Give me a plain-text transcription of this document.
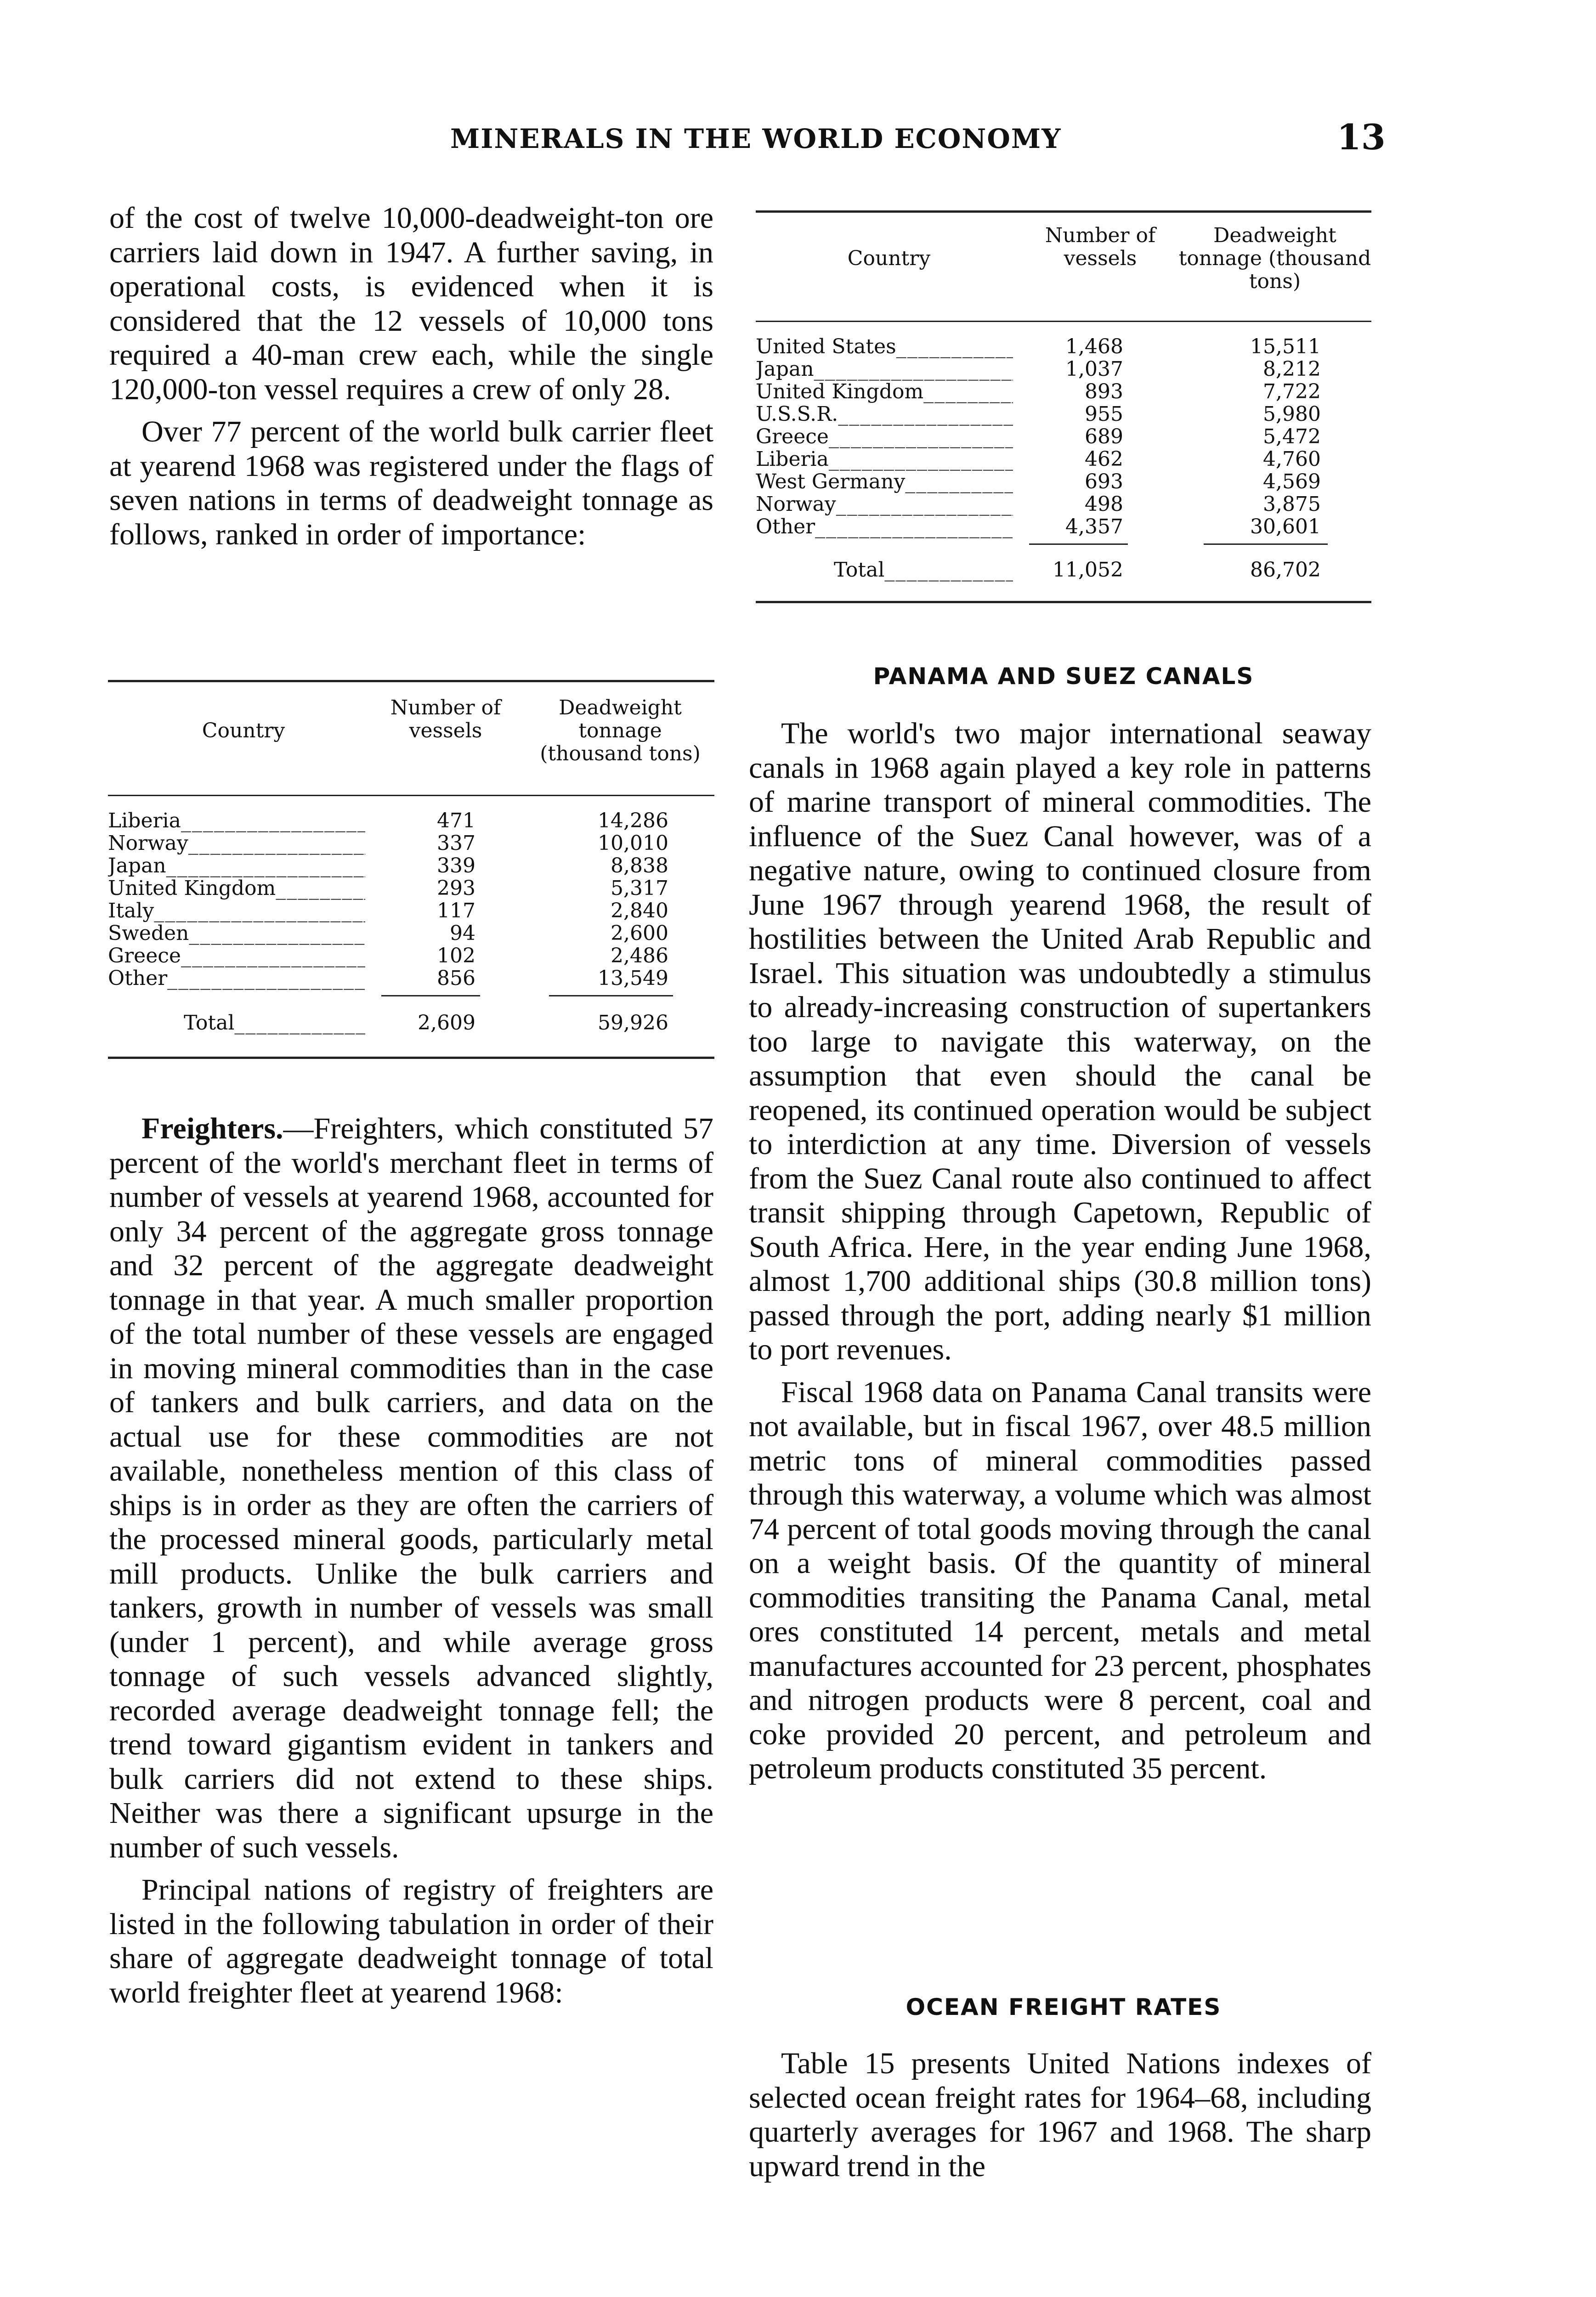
MINERALS IN THE WORLD ECONOMY	13

of the cost of twelve 10,000-deadweight-ton ore carriers laid down in 1947. A further saving, in operational costs, is evidenced when it is considered that the 12 vessels of 10,000 tons required a 40-man crew each, while the single 120,000-ton vessel requires a crew of only 28.

Over 77 percent of the world bulk carrier fleet at yearend 1968 was registered under the flags of seven nations in terms of deadweight tonnage as follows, ranked in order of importance:

Country
Number of vessels
Deadweight tonnage (thousand tons)
Liberia _____	471	14,286
Norway _____	337	10,010
Japan _____	339	8,838
United Kingdom _____	293	5,317
Italy _____	117	2,840
Sweden _____	94	2,600
Greece _____	102	2,486
Other _____	856	13,549
Total _____	2,609	59,926

Freighters.—Freighters, which constituted 57 percent of the world's merchant fleet in terms of number of vessels at yearend 1968, accounted for only 34 percent of the aggregate gross tonnage and 32 percent of the aggregate deadweight tonnage in that year. A much smaller proportion of the total number of these vessels are engaged in moving mineral commodities than in the case of tankers and bulk carriers, and data on the actual use for these commodities are not available, nonetheless mention of this class of ships is in order as they are often the carriers of the processed mineral goods, particularly metal mill products. Unlike the bulk carriers and tankers, growth in number of vessels was small (under 1 percent), and while average gross tonnage of such vessels advanced slightly, recorded average deadweight tonnage fell; the trend toward gigantism evident in tankers and bulk carriers did not extend to these ships. Neither was there a significant upsurge in the number of such vessels.

Principal nations of registry of freighters are listed in the following tabulation in order of their share of aggregate deadweight tonnage of total world freighter fleet at yearend 1968:

Country
Number of vessels
Deadweight tonnage (thousand tons)
United States _____	1,468	15,511
Japan _____	1,037	8,212
United Kingdom _____	893	7,722
U.S.S.R. _____	955	5,980
Greece _____	689	5,472
Liberia _____	462	4,760
West Germany _____	693	4,569
Norway _____	498	3,875
Other _____	4,357	30,601
Total _____	11,052	86,702
PANAMA AND SUEZ CANALS

The world's two major international seaway canals in 1968 again played a key role in patterns of marine transport of mineral commodities. The influence of the Suez Canal however, was of a negative nature, owing to continued closure from June 1967 through yearend 1968, the result of hostilities between the United Arab Republic and Israel. This situation was undoubtedly a stimulus to already-increasing construction of supertankers too large to navigate this waterway, on the assumption that even should the canal be reopened, its continued operation would be subject to interdiction at any time. Diversion of vessels from the Suez Canal route also continued to affect transit shipping through Capetown, Republic of South Africa. Here, in the year ending June 1968, almost 1,700 additional ships (30.8 million tons) passed through the port, adding nearly $1 million to port revenues.

Fiscal 1968 data on Panama Canal transits were not available, but in fiscal 1967, over 48.5 million metric tons of mineral commodities passed through this waterway, a volume which was almost 74 percent of total goods moving through the canal on a weight basis. Of the quantity of mineral commodities transiting the Panama Canal, metal ores constituted 14 percent, metals and metal manufactures accounted for 23 percent, phosphates and nitrogen products were 8 percent, coal and coke provided 20 percent, and petroleum and petroleum products constituted 35 percent.

OCEAN FREIGHT RATES

Table 15 presents United Nations indexes of selected ocean freight rates for 1964–68, including quarterly averages for 1967 and 1968. The sharp upward trend in the
